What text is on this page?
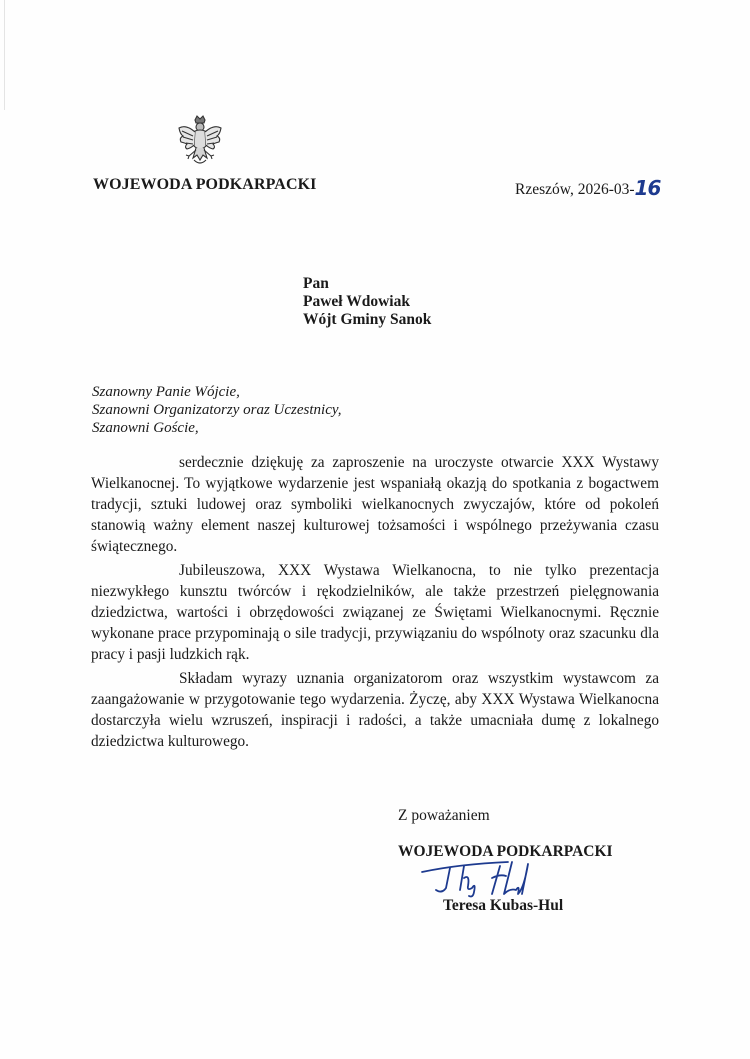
WOJEWODA PODKARPACKI	Rzeszów, 2026-03-16
Pan
Paweł Wdowiak
Wójt Gminy Sanok
Szanowny Panie Wójcie,
Szanowni Organizatorzy oraz Uczestnicy,
Szanowni Goście,

serdecznie dziękuję za zaproszenie na uroczyste otwarcie XXX Wystawy Wielkanocnej. To wyjątkowe wydarzenie jest wspaniałą okazją do spotkania z bogactwem tradycji, sztuki ludowej oraz symboliki wielkanocnych zwyczajów, które od pokoleń stanowią ważny element naszej kulturowej tożsamości i wspólnego przeżywania czasu świątecznego.

Jubileuszowa, XXX Wystawa Wielkanocna, to nie tylko prezentacja niezwykłego kunsztu twórców i rękodzielników, ale także przestrzeń pielęgnowania dziedzictwa, wartości i obrzędowości związanej ze Świętami Wielkanocnymi. Ręcznie wykonane prace przypominają o sile tradycji, przywiązaniu do wspólnoty oraz szacunku dla pracy i pasji ludzkich rąk.

Składam wyrazy uznania organizatorom oraz wszystkim wystawcom za zaangażowanie w przygotowanie tego wydarzenia. Życzę, aby XXX Wystawa Wielkanocna dostarczyła wielu wzruszeń, inspiracji i radości, a także umacniała dumę z lokalnego dziedzictwa kulturowego.

Z poważaniem
WOJEWODA PODKARPACKI
Teresa Kubas-Hul
